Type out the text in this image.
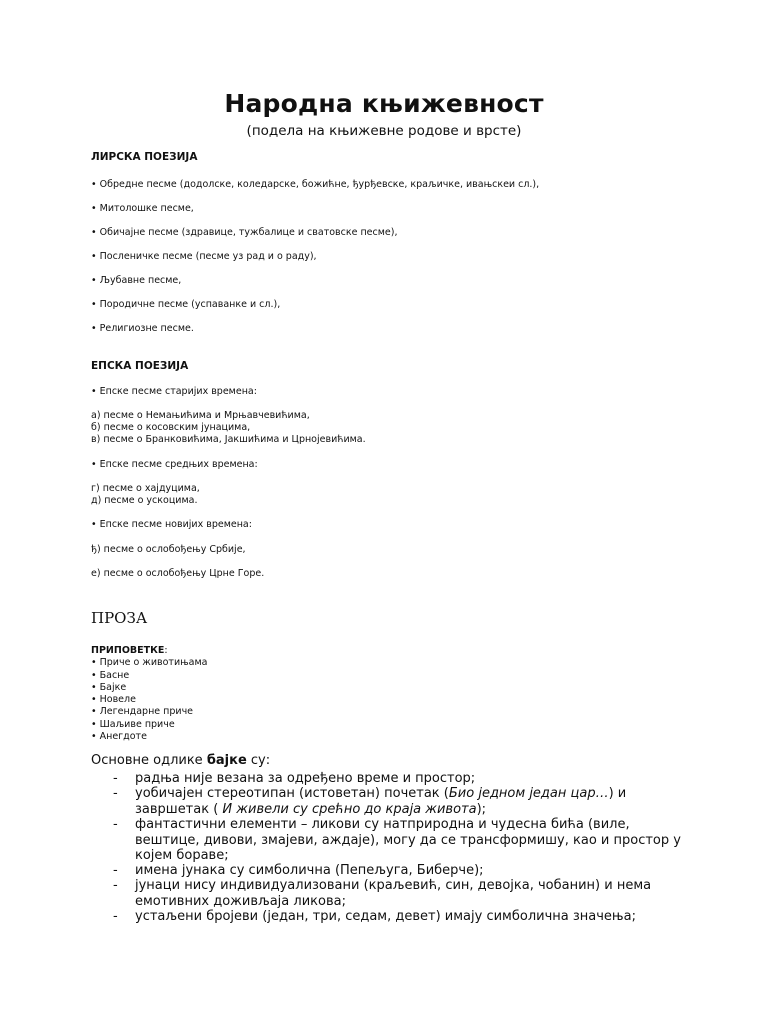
Народна књижевност
(подела на књижевне родове и врсте)
ЛИРСКА ПОЕЗИЈА
• Обредне песме (додолске, коледарске, божићне, ђурђевске, краљичке, ивањскеи сл.),
• Митолошке песме,
• Обичајне песме (здравице, тужбалице и сватовске песме),
• Посленичке песме (песме уз рад и о раду),
• Љубавне песме,
• Породичне песме (успаванке и сл.),
• Религиозне песме.
ЕПСКА ПОЕЗИЈА
• Епске песме старијих времена:
а) песме о Немањићима и Мрњавчевићима,
б) песме о косовским јунацима,
в) песме о Бранковићима, Јакшићима и Црнојевићима.
• Епске песме средњих времена:
г) песме о хајдуцима,
д) песме о ускоцима.
• Епске песме новијих времена:
ђ) песме о ослобођењу Србије,
е) песме о ослобођењу Црне Горе.
ПРОЗА
ПРИПОВЕТКЕ:
• Приче о животињама
• Басне
• Бајке
• Новеле
• Легендарне приче
• Шаљиве приче
• Анегдоте
Основне одлике бајке су:
- радња није везана за одређено време и простор;
- уобичајен стереотипан (истоветан) почетак (Био једном један цар…) и
завршетак ( И живели су срећно до краја живота);
- фантастични елементи – ликови су натприродна и чудесна бића (виле,
вештице, дивови, змајеви, аждаје), могу да се трансформишу, као и простор у
којем бораве;
- имена јунака су симболична (Пепељуга, Биберче);
- јунаци нису индивидуализовани (краљевић, син, девојка, чобанин) и нема
емотивних доживљаја ликова;
- устаљени бројеви (један, три, седам, девет) имају симболична значења;
